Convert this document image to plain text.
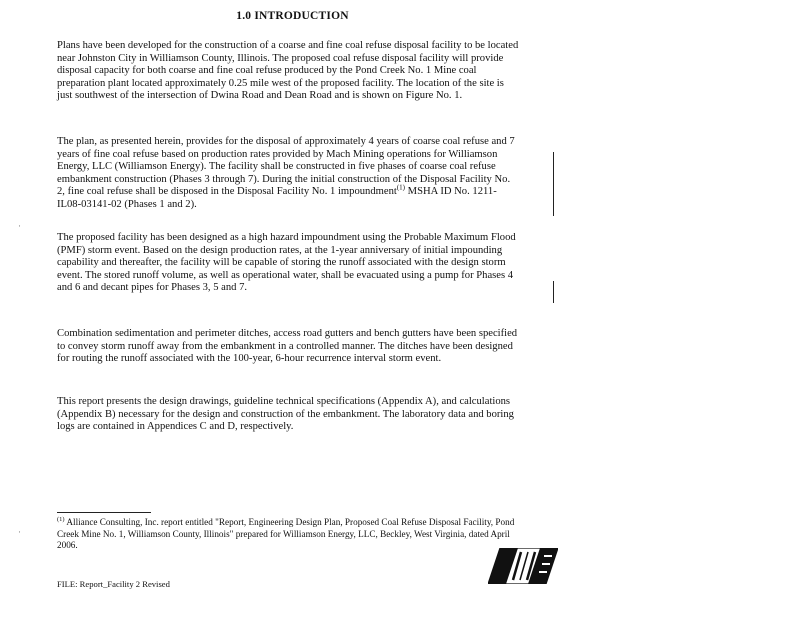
1.0 INTRODUCTION

Plans have been developed for the construction of a coarse and fine coal refuse disposal facility to be located near Johnston City in Williamson County, Illinois. The proposed coal refuse disposal facility will provide disposal capacity for both coarse and fine coal refuse produced by the Pond Creek No. 1 Mine coal preparation plant located approximately 0.25 mile west of the proposed facility. The location of the site is just southwest of the intersection of Dwina Road and Dean Road and is shown on Figure No. 1.

The plan, as presented herein, provides for the disposal of approximately 4 years of coarse coal refuse and 7 years of fine coal refuse based on production rates provided by Mach Mining operations for Williamson Energy, LLC (Williamson Energy). The facility shall be constructed in five phases of coarse coal refuse embankment construction (Phases 3 through 7). During the initial construction of the Disposal Facility No. 2, fine coal refuse shall be disposed in the Disposal Facility No. 1 impoundment$^{(1)}$ MSHA ID No. 1211-IL08-03141-02 (Phases 1 and 2).

The proposed facility has been designed as a high hazard impoundment using the Probable Maximum Flood (PMF) storm event. Based on the design production rates, at the 1-year anniversary of initial impounding capability and thereafter, the facility will be capable of storing the runoff associated with the design storm event. The stored runoff volume, as well as operational water, shall be evacuated using a pump for Phases 4 and 6 and decant pipes for Phases 3, 5 and 7.

Combination sedimentation and perimeter ditches, access road gutters and bench gutters have been specified to convey storm runoff away from the embankment in a controlled manner. The ditches have been designed for routing the runoff associated with the 100-year, 6-hour recurrence interval storm event.

This report presents the design drawings, guideline technical specifications (Appendix A), and calculations (Appendix B) necessary for the design and construction of the embankment. The laboratory data and boring logs are contained in Appendices C and D, respectively.

·
·

$^{(1)}$ Alliance Consulting, Inc. report entitled "Report, Engineering Design Plan, Proposed Coal Refuse Disposal Facility, Pond Creek Mine No. 1, Williamson County, Illinois" prepared for Williamson Energy, LLC, Beckley, West Virginia, dated April 2006.

FILE: Report_Facility 2 Revised
